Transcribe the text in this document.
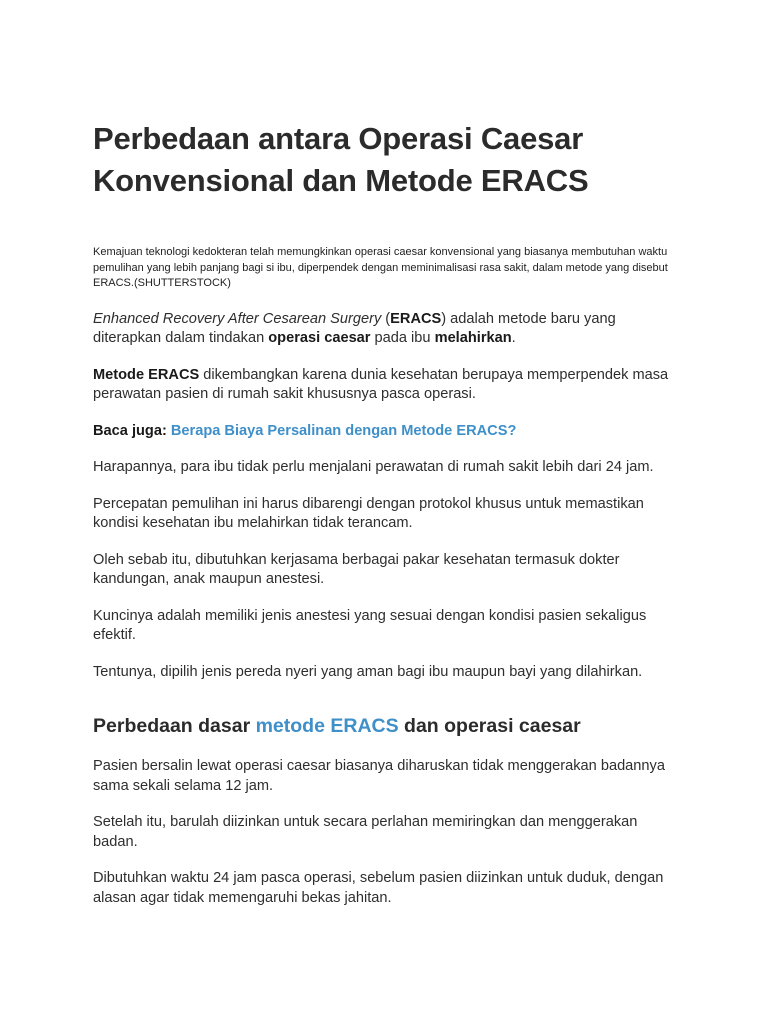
Perbedaan antara Operasi Caesar Konvensional dan Metode ERACS
Kemajuan teknologi kedokteran telah memungkinkan operasi caesar konvensional yang biasanya membutuhan waktu pemulihan yang lebih panjang bagi si ibu, diperpendek dengan meminimalisasi rasa sakit, dalam metode yang disebut ERACS.(SHUTTERSTOCK)

Enhanced Recovery After Cesarean Surgery (ERACS) adalah metode baru yang diterapkan dalam tindakan operasi caesar pada ibu melahirkan.

Metode ERACS dikembangkan karena dunia kesehatan berupaya memperpendek masa perawatan pasien di rumah sakit khususnya pasca operasi.

Baca juga: Berapa Biaya Persalinan dengan Metode ERACS?

Harapannya, para ibu tidak perlu menjalani perawatan di rumah sakit lebih dari 24 jam.

Percepatan pemulihan ini harus dibarengi dengan protokol khusus untuk memastikan kondisi kesehatan ibu melahirkan tidak terancam.

Oleh sebab itu, dibutuhkan kerjasama berbagai pakar kesehatan termasuk dokter kandungan, anak maupun anestesi.

Kuncinya adalah memiliki jenis anestesi yang sesuai dengan kondisi pasien sekaligus efektif.

Tentunya, dipilih jenis pereda nyeri yang aman bagi ibu maupun bayi yang dilahirkan.

Perbedaan dasar metode ERACS dan operasi caesar

Pasien bersalin lewat operasi caesar biasanya diharuskan tidak menggerakan badannya sama sekali selama 12 jam.

Setelah itu, barulah diizinkan untuk secara perlahan memiringkan dan menggerakan badan.

Dibutuhkan waktu 24 jam pasca operasi, sebelum pasien diizinkan untuk duduk, dengan alasan agar tidak memengaruhi bekas jahitan.
